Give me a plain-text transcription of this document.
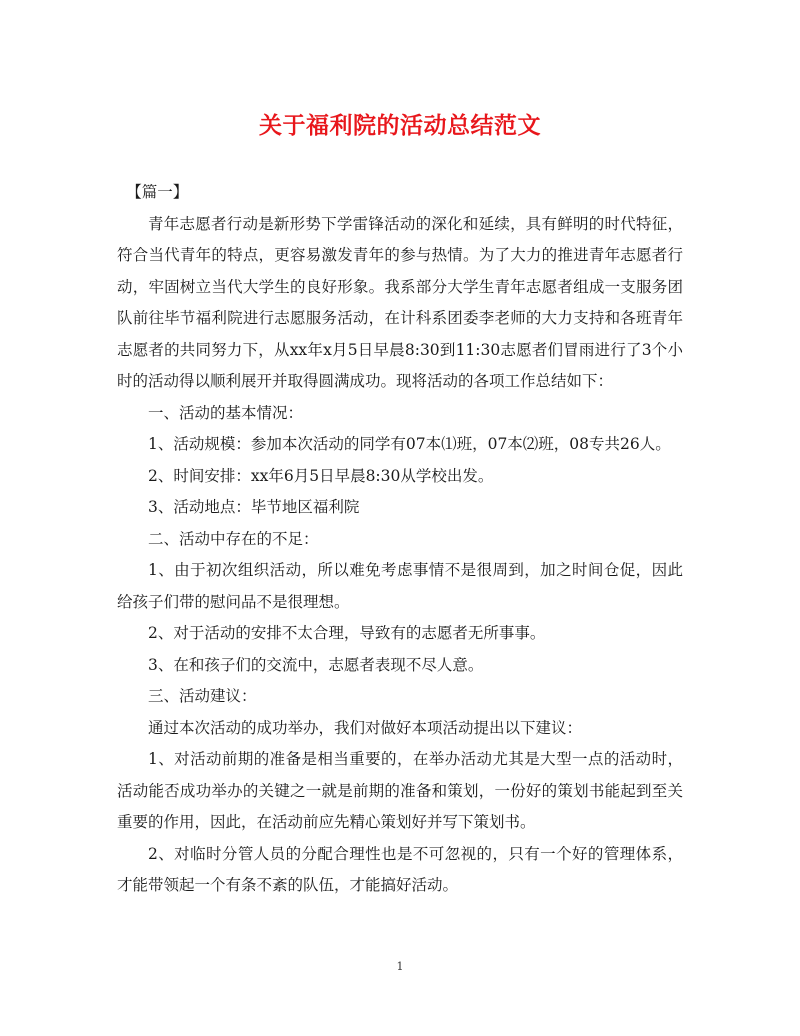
关于福利院的活动总结范文

【篇一】

青年志愿者行动是新形势下学雷锋活动的深化和延续，具有鲜明的时代特征，符合当代青年的特点，更容易激发青年的参与热情。为了大力的推进青年志愿者行动，牢固树立当代大学生的良好形象。我系部分大学生青年志愿者组成一支服务团队前往毕节福利院进行志愿服务活动，在计科系团委李老师的大力支持和各班青年志愿者的共同努力下，从xx年x月5日早晨8:30到11:30志愿者们冒雨进行了3个小时的活动得以顺利展开并取得圆满成功。现将活动的各项工作总结如下：

一、活动的基本情况：

1、活动规模：参加本次活动的同学有07本⑴班，07本⑵班，08专共26人。

2、时间安排：xx年6月5日早晨8:30从学校出发。

3、活动地点：毕节地区福利院

二、活动中存在的不足：

1、由于初次组织活动，所以难免考虑事情不是很周到，加之时间仓促，因此给孩子们带的慰问品不是很理想。

2、对于活动的安排不太合理，导致有的志愿者无所事事。

3、在和孩子们的交流中，志愿者表现不尽人意。

三、活动建议：

通过本次活动的成功举办，我们对做好本项活动提出以下建议：

1、对活动前期的准备是相当重要的，在举办活动尤其是大型一点的活动时，活动能否成功举办的关键之一就是前期的准备和策划，一份好的策划书能起到至关重要的作用，因此，在活动前应先精心策划好并写下策划书。

2、对临时分管人员的分配合理性也是不可忽视的，只有一个好的管理体系，才能带领起一个有条不紊的队伍，才能搞好活动。

1
